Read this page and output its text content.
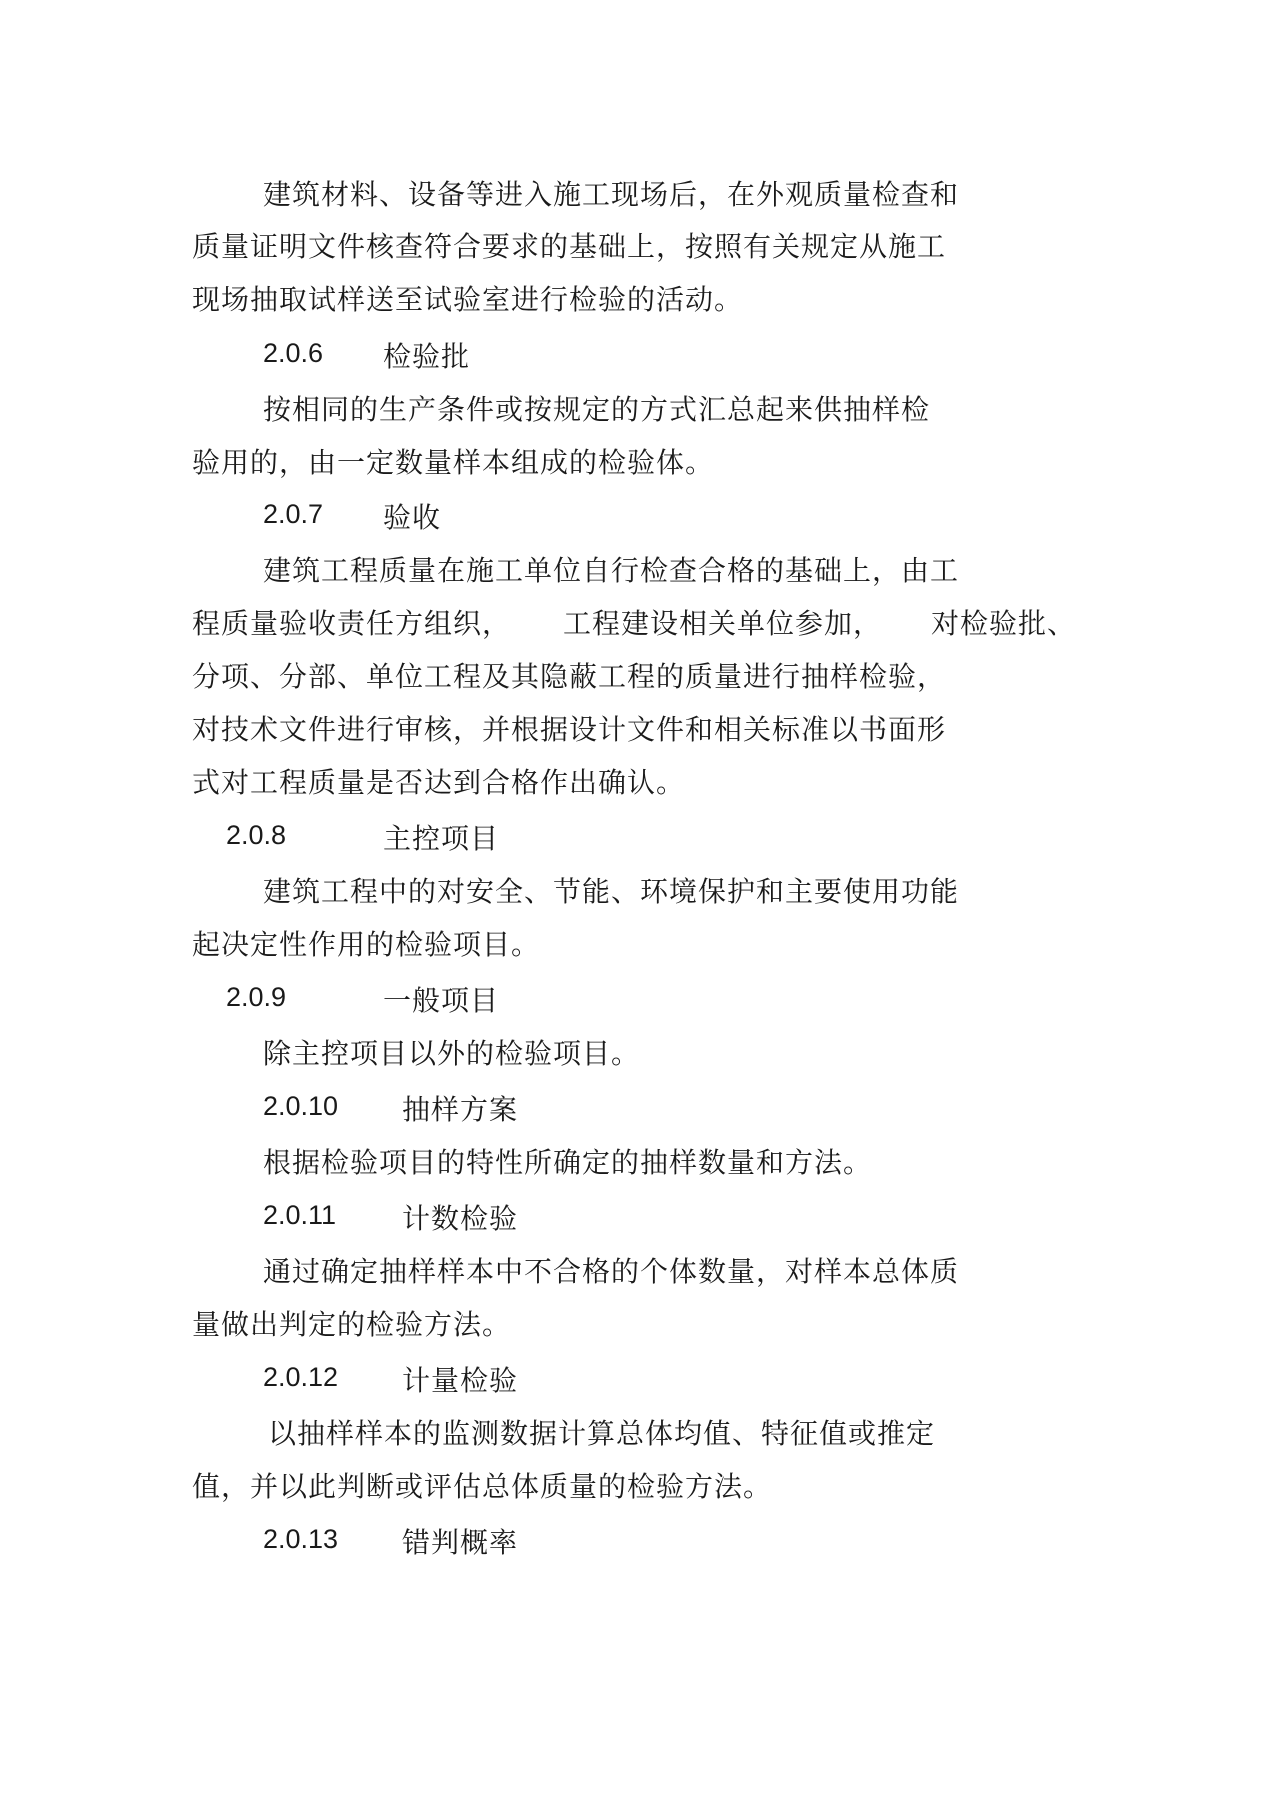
建筑材料、设备等进入施工现场后，在外观质量检查和
质量证明文件核查符合要求的基础上，按照有关规定从施工
现场抽取试样送至试验室进行检验的活动。
2.0.6 检验批
按相同的生产条件或按规定的方式汇总起来供抽样检
验用的，由一定数量样本组成的检验体。
2.0.7 验收
建筑工程质量在施工单位自行检查合格的基础上，由工
程质量验收责任方组织， 工程建设相关单位参加， 对检验批、
分项、分部、单位工程及其隐蔽工程的质量进行抽样检验，
对技术文件进行审核，并根据设计文件和相关标准以书面形
式对工程质量是否达到合格作出确认。
2.0.8	主控项目
建筑工程中的对安全、节能、环境保护和主要使用功能
起决定性作用的检验项目。
2.0.9	一般项目
除主控项目以外的检验项目。
2.0.10 抽样方案
根据检验项目的特性所确定的抽样数量和方法。
2.0.11 计数检验
通过确定抽样样本中不合格的个体数量，对样本总体质
量做出判定的检验方法。
2.0.12 计量检验
以抽样样本的监测数据计算总体均值、特征值或推定
值，并以此判断或评估总体质量的检验方法。
2.0.13 错判概率
